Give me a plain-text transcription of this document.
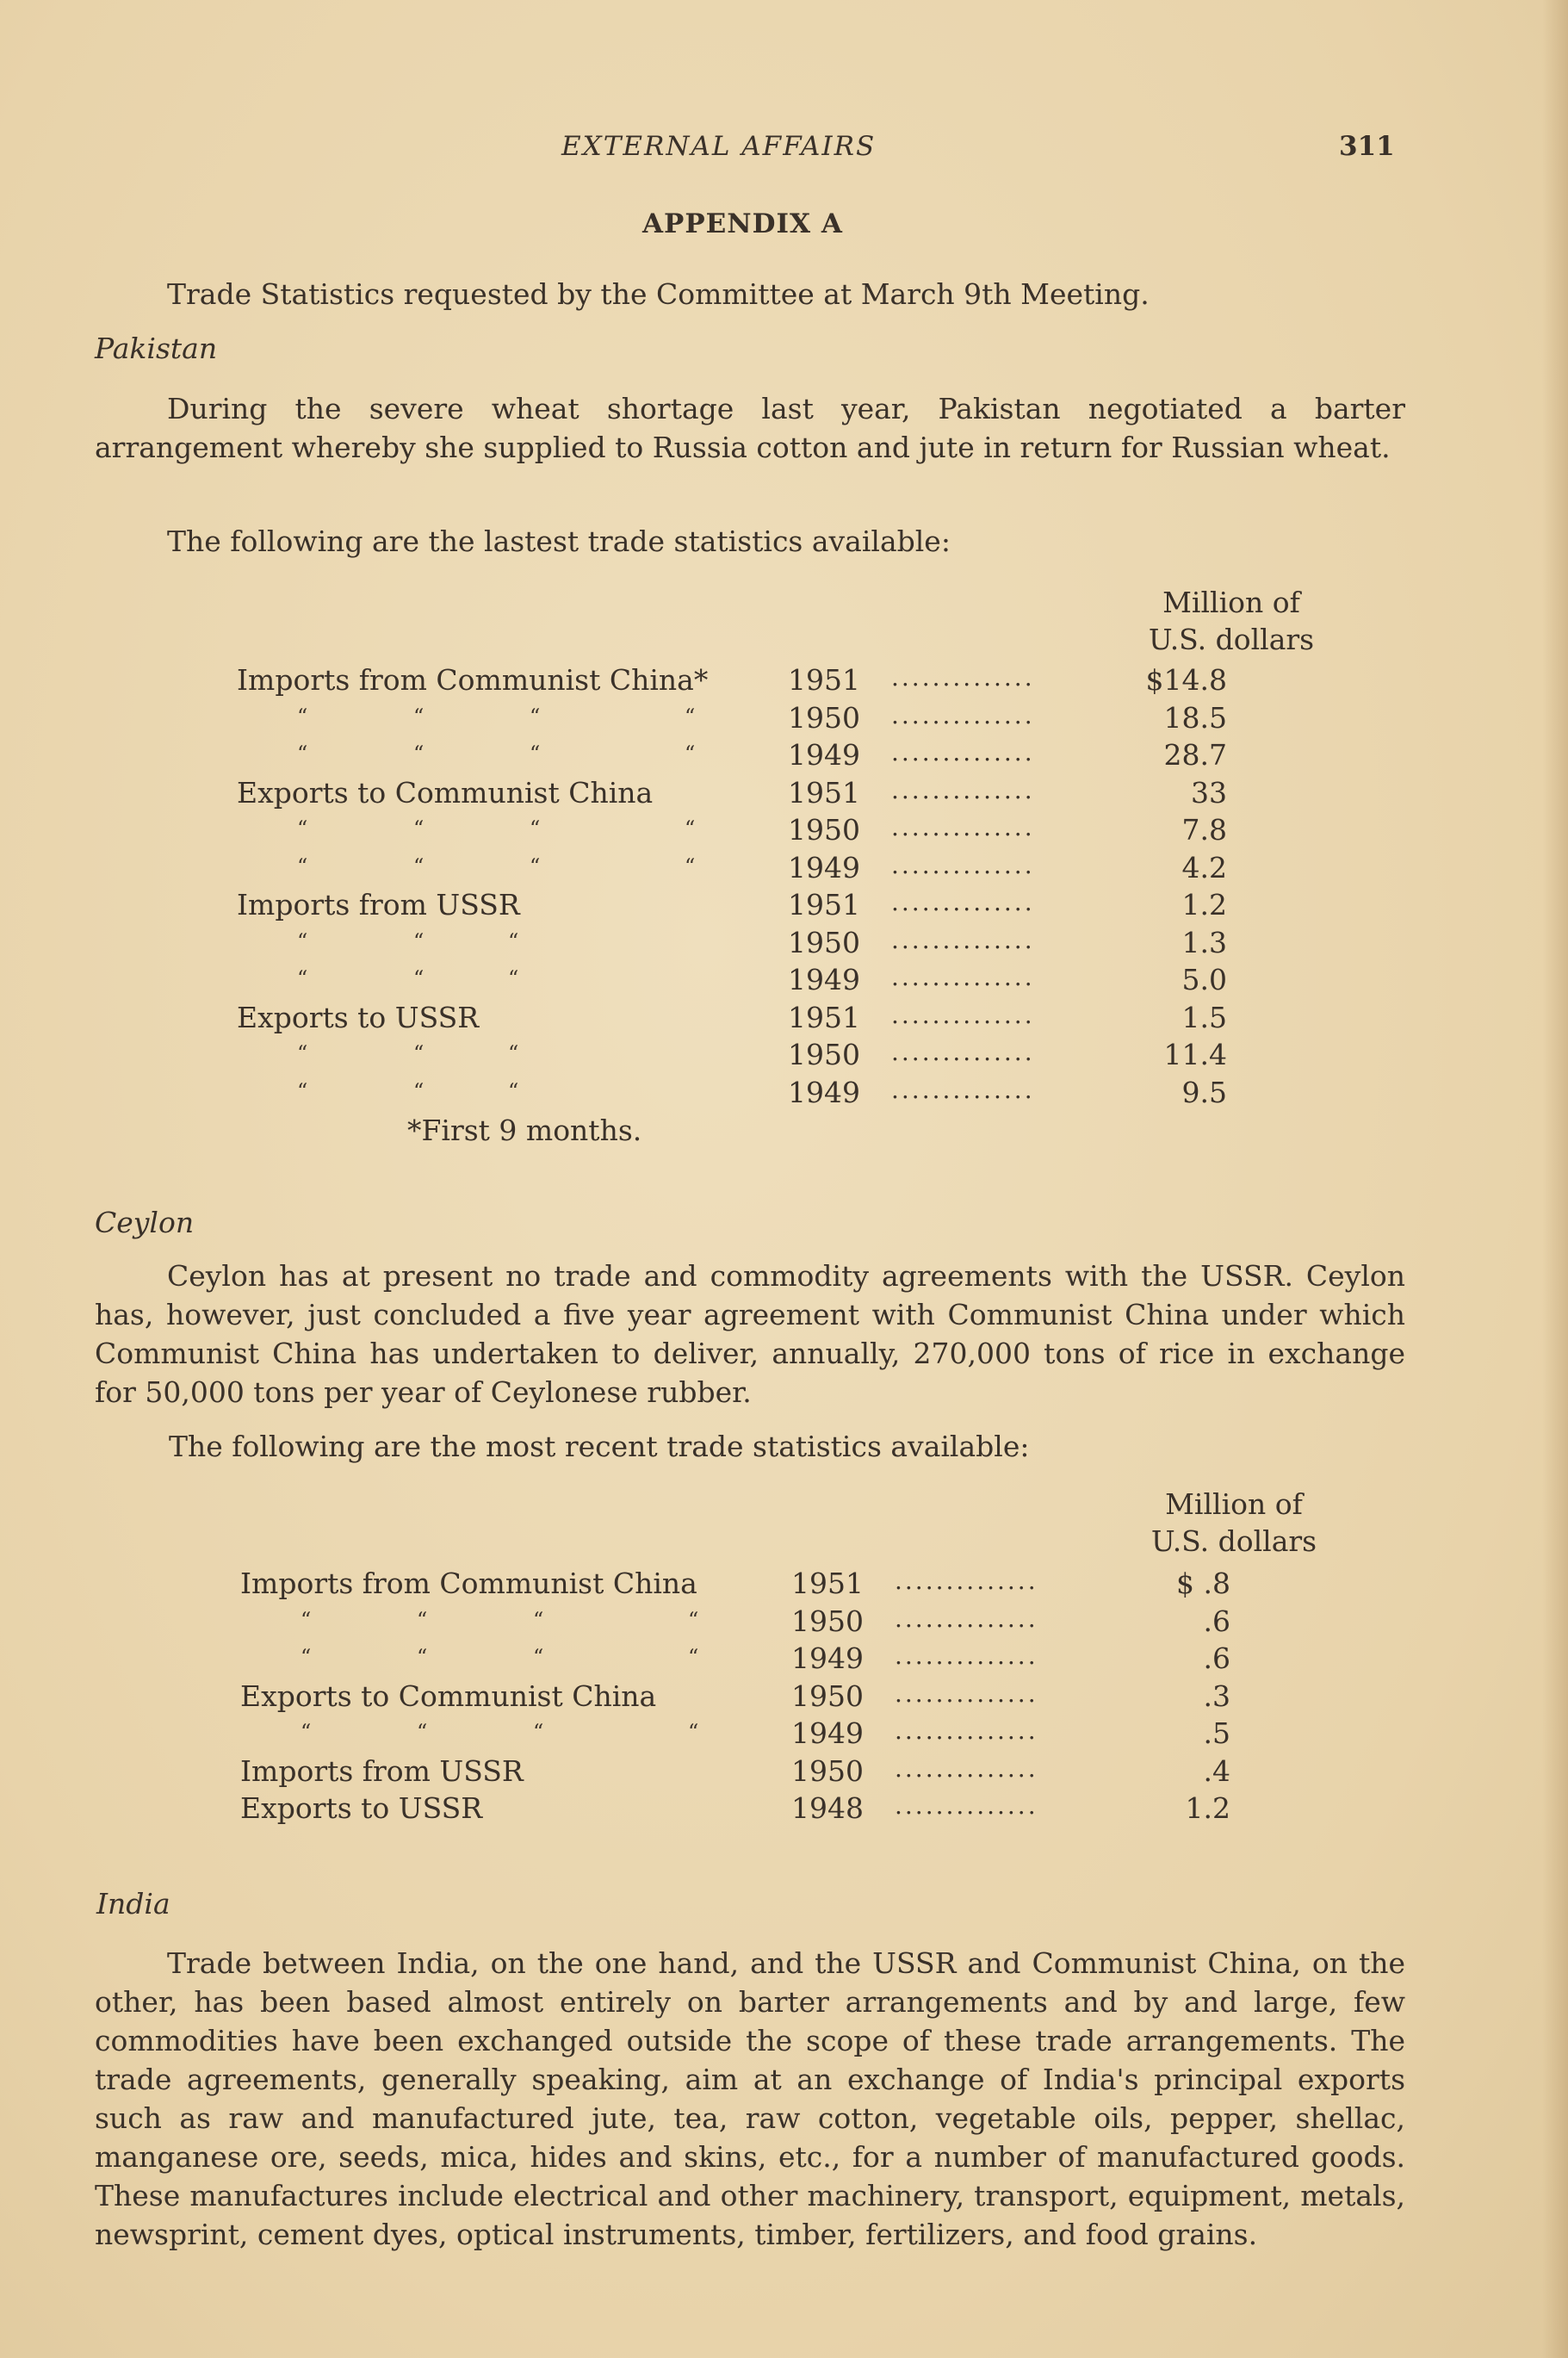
EXTERNAL AFFAIRS	311
APPENDIX A
Trade Statistics requested by the Committee at March 9th Meeting.
Pakistan
During the severe wheat shortage last year, Pakistan negotiated a barter arrangement whereby she supplied to Russia cotton and jute in return for Russian wheat.
The following are the lastest trade statistics available:
Million of
U.S. dollars
Imports from Communist China*	1951 ..............	$14.8
“	“	“	“	1950 ..............	18.5
“	“	“	“	1949 ..............	28.7
Exports to Communist China	1951 ..............	33
“	“	“	“	1950 ..............	7.8
“	“	“	“	1949 ..............	4.2
Imports from USSR	1951 ..............	1.2
“	“	“	1950 ..............	1.3
“	“	“	1949 ..............	5.0
Exports to USSR	1951 ..............	1.5
“	“	“	1950 ..............	11.4
“	“	“	1949 ..............	9.5
*First 9 months.
Ceylon
Ceylon has at present no trade and commodity agreements with the USSR. Ceylon has, however, just concluded a five year agreement with Communist China under which Communist China has undertaken to deliver, annually, 270,000 tons of rice in exchange for 50,000 tons per year of Ceylonese rubber.
The following are the most recent trade statistics available:
Million of
U.S. dollars
Imports from Communist China	1951 ..............	$ .8
“	“	“	“	1950 ..............	.6
“	“	“	“	1949 ..............	.6
Exports to Communist China	1950 ..............	.3
“	“	“	“	1949 ..............	.5
Imports from USSR	1950 ..............	.4
Exports to USSR	1948 ..............	1.2
India
Trade between India, on the one hand, and the USSR and Communist China, on the other, has been based almost entirely on barter arrangements and by and large, few commodities have been exchanged outside the scope of these trade arrangements. The trade agreements, generally speaking, aim at an exchange of India's principal exports such as raw and manufactured jute, tea, raw cotton, vegetable oils, pepper, shellac, manganese ore, seeds, mica, hides and skins, etc., for a number of manufactured goods. These manufactures include electrical and other machinery, transport, equipment, metals, newsprint, cement dyes, optical instruments, timber, fertilizers, and food grains.
